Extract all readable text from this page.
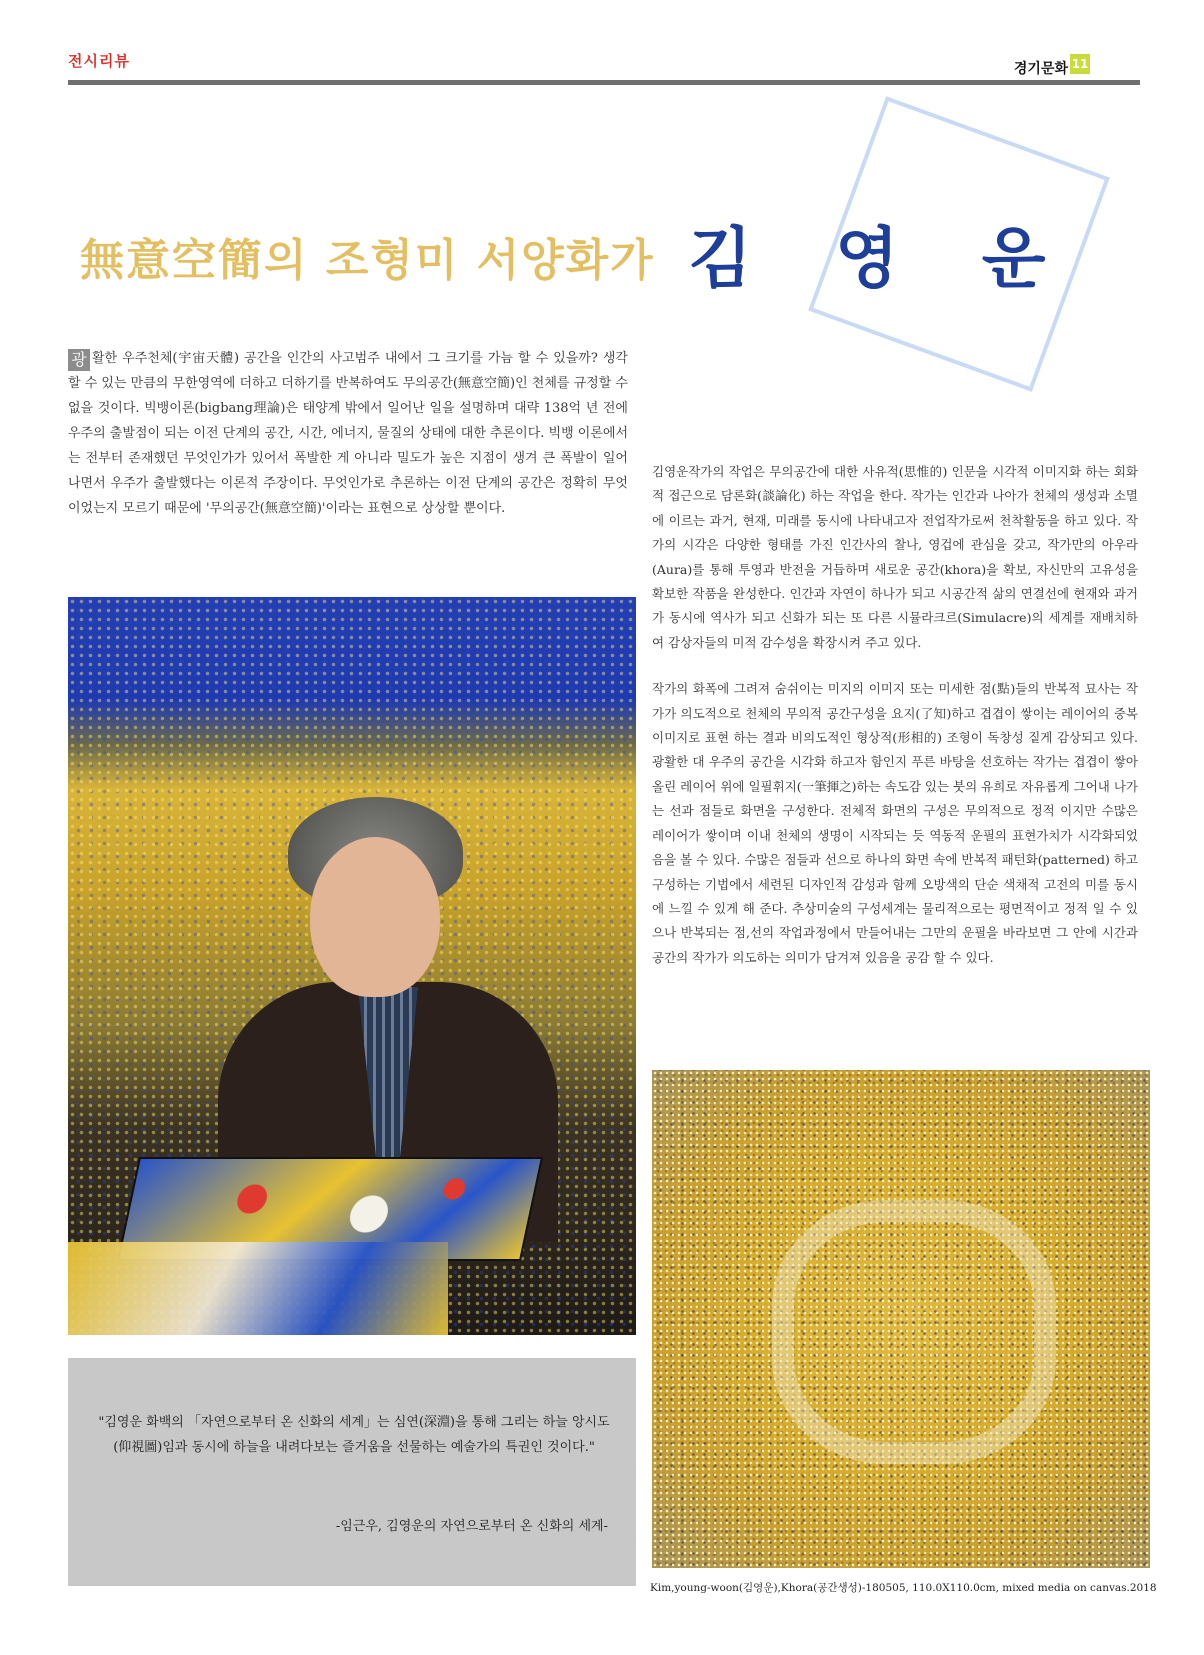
전시리뷰	경기문화 11
無意空簡의 조형미 서양화가 김 영 운
광 활한 우주천체(宇宙天體) 공간을 인간의 사고범주 내에서 그 크기를 가늠 할 수 있을까? 생각 할 수 있는 만큼의 무한영역에 더하고 더하기를 반복하여도 무의공간(無意空簡)인 천체를 규정할 수 없을 것이다. 빅뱅이론(bigbang理論)은 태양계 밖에서 일어난 일을 설명하며 대략 138억 년 전에 우주의 출발점이 되는 이전 단계의 공간, 시간, 에너지, 물질의 상태에 대한 추론이다. 빅뱅 이론에서는 전부터 존재했던 무엇인가가 있어서 폭발한 게 아니라 밀도가 높은 지점이 생겨 큰 폭발이 일어나면서 우주가 출발했다는 이론적 주장이다. 무엇인가로 추론하는 이전 단계의 공간은 정확히 무엇이었는지 모르기 때문에 '무의공간(無意空簡)'이라는 표현으로 상상할 뿐이다.

김영운작가의 작업은 무의공간에 대한 사유적(思惟的) 인문을 시각적 이미지화 하는 회화적 접근으로 담론화(談論化) 하는 작업을 한다. 작가는 인간과 나아가 천체의 생성과 소멸에 이르는 과거, 현재, 미래를 동시에 나타내고자 전업작가로써 천착활동을 하고 있다. 작가의 시각은 다양한 형태를 가진 인간사의 찰나, 영겁에 관심을 갖고, 작가만의 아우라(Aura)를 통해 투영과 반전을 거듭하며 새로운 공간(khora)을 확보, 자신만의 고유성을 확보한 작품을 완성한다. 인간과 자연이 하나가 되고 시공간적 삶의 연결선에 현재와 과거가 동시에 역사가 되고 신화가 되는 또 다른 시뮬라크르(Simulacre)의 세계를 재배치하여 감상자들의 미적 감수성을 확장시켜 주고 있다.

작가의 화폭에 그려져 숨쉬이는 미지의 이미지 또는 미세한 점(點)들의 반복적 묘사는 작가가 의도적으로 천체의 무의적 공간구성을 요지(了知)하고 겹겹이 쌓이는 레이어의 중복 이미지로 표현 하는 결과 비의도적인 형상적(形相的) 조형이 독창성 짙게 감상되고 있다. 광활한 대 우주의 공간을 시각화 하고자 함인지 푸른 바탕을 선호하는 작가는 겹겹이 쌓아 올린 레이어 위에 일필휘지(一筆揮之)하는 속도감 있는 붓의 유희로 자유롭게 그어내 나가는 선과 점들로 화면을 구성한다. 전체적 화면의 구성은 무의적으로 정적 이지만 수많은 레이어가 쌓이며 이내 천체의 생명이 시작되는 듯 역동적 운필의 표현가치가 시각화되었음을 볼 수 있다. 수많은 점들과 선으로 하나의 화면 속에 반복적 패턴화(patterned) 하고 구성하는 기법에서 세련된 디자인적 감성과 함께 오방색의 단순 색채적 고전의 미를 동시에 느낄 수 있게 해 준다. 추상미술의 구성세계는 물리적으로는 평면적이고 정적 일 수 있으나 반복되는 점,선의 작업과정에서 만들어내는 그만의 운필을 바라보면 그 안에 시간과 공간의 작가가 의도하는 의미가 담겨져 있음을 공감 할 수 있다.

"김영운 화백의 「자연으로부터 온 신화의 세계」는 심연(深淵)을 통해 그리는 하늘 앙시도(仰視圖)임과 동시에 하늘을 내려다보는 즐거움을 선물하는 예술가의 특권인 것이다."
-임근우, 김영운의 자연으로부터 온 신화의 세계-
Kim,young-woon(김영운),Khora(공간생성)-180505, 110.0X110.0cm, mixed media on canvas.2018
